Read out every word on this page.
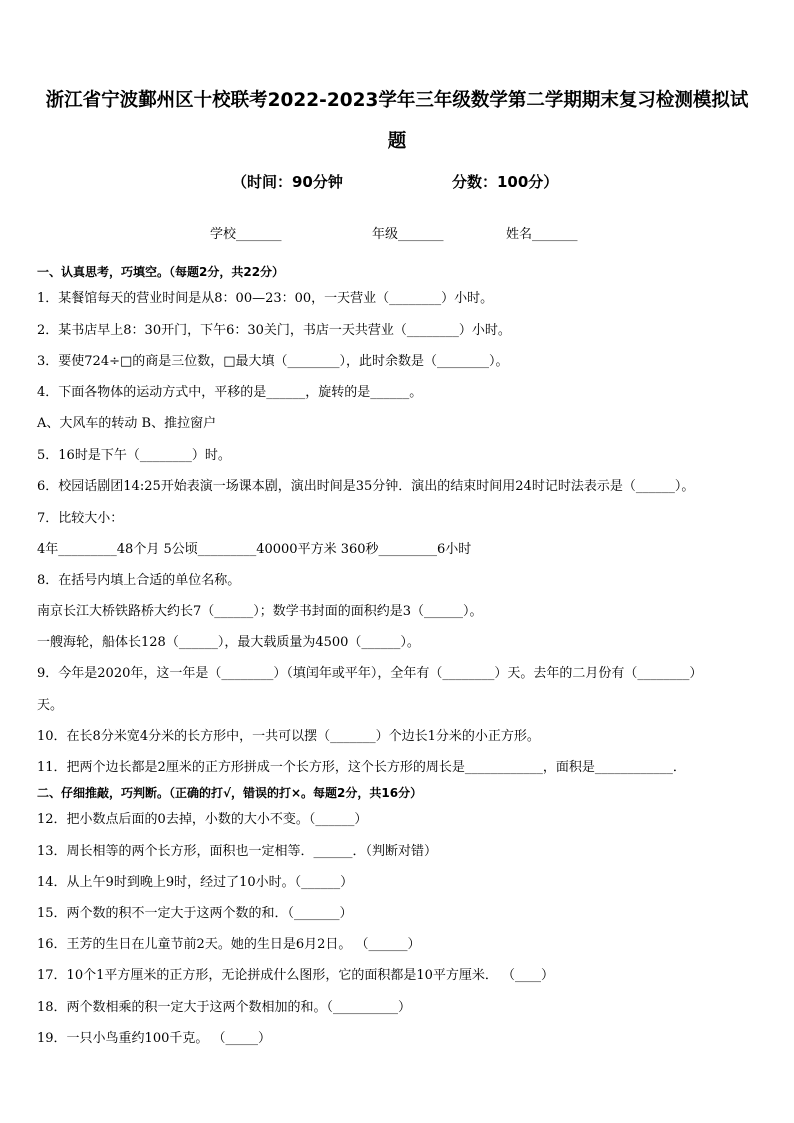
浙江省宁波鄞州区十校联考2022-2023学年三年级数学第二学期期末复习检测模拟试
题
（时间：90分钟	分数：100分）
学校_______	年级_______	姓名_______
一、认真思考，巧填空。（每题2分，共22分）
1．某餐馆每天的营业时间是从8：00—23：00，一天营业（________）小时。
2．某书店早上8：30开门，下午6：30关门，书店一天共营业（________）小时。
3．要使724÷□的商是三位数，□最大填（________），此时余数是（________）。
4．下面各物体的运动方式中，平移的是______，旋转的是______。
A、大风车的转动 B、推拉窗户
5．16时是下午（________）时。
6．校园话剧团14:25开始表演一场课本剧，演出时间是35分钟．演出的结束时间用24时记时法表示是（______）。
7．比较大小：
4年_________48个月 5公顷_________40000平方米 360秒_________6小时
8．在括号内填上合适的单位名称。
南京长江大桥铁路桥大约长7（______）；数学书封面的面积约是3（______）。
一艘海轮，船体长128（______），最大载质量为4500（______）。
9．今年是2020年，这一年是（________）（填闰年或平年），全年有（________）天。去年的二月份有（________）
天。
10．在长8分米宽4分米的长方形中，一共可以摆（_______）个边长1分米的小正方形。
11．把两个边长都是2厘米的正方形拼成一个长方形，这个长方形的周长是____________，面积是____________．
二、仔细推敲，巧判断。（正确的打√，错误的打×。每题2分，共16分）
12．把小数点后面的0去掉，小数的大小不变。（______）
13．周长相等的两个长方形，面积也一定相等．______．（判断对错）
14．从上午9时到晚上9时，经过了10小时。（______）
15．两个数的积不一定大于这两个数的和．（_______）
16．王芳的生日在儿童节前2天。她的生日是6月2日。 （______）
17．10个1平方厘米的正方形，无论拼成什么图形，它的面积都是10平方厘米． （____）
18．两个数相乘的积一定大于这两个数相加的和。（__________）
19．一只小鸟重约100千克。 （_____）
